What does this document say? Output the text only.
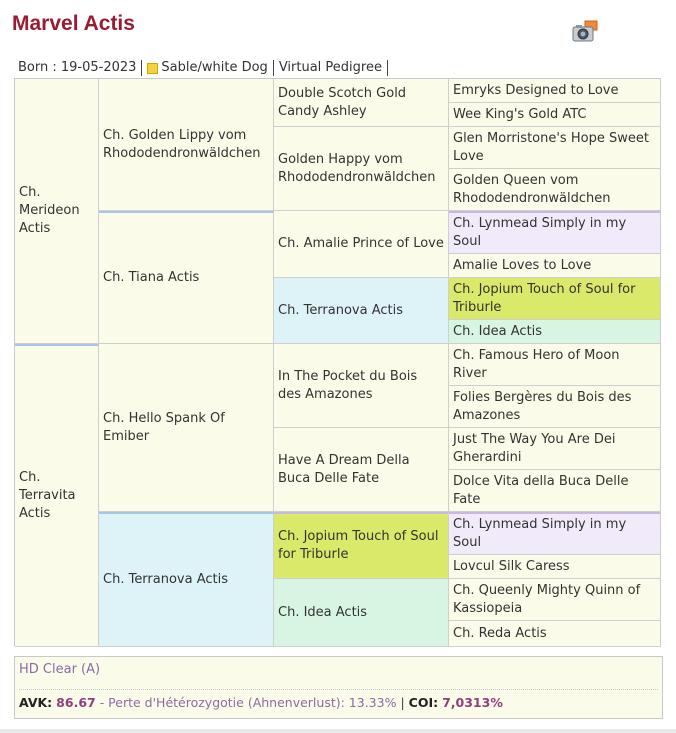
Marvel Actis
Born : 19-05-2023	Sable/white Dog Virtual Pedigree
Ch. Merideon Actis
Ch. Terravita Actis
Ch. Golden Lippy vom Rhododendronwäldchen
Ch. Tiana Actis
Ch. Hello Spank Of Emiber
Ch. Terranova Actis
Double Scotch Gold Candy Ashley
Golden Happy vom Rhododendronwäldchen
Ch. Amalie Prince of Love
Ch. Terranova Actis
In The Pocket du Bois des Amazones
Have A Dream Della Buca Delle Fate
Ch. Jopium Touch of Soul for Triburle
Ch. Idea Actis
Emryks Designed to Love
Wee King's Gold ATC
Glen Morristone's Hope Sweet Love
Golden Queen vom Rhododendronwäldchen
Ch. Lynmead Simply in my Soul
Amalie Loves to Love
Ch. Jopium Touch of Soul for Triburle
Ch. Idea Actis
Ch. Famous Hero of Moon River
Folies Bergères du Bois des Amazones
Just The Way You Are Dei Gherardini
Dolce Vita della Buca Delle Fate
Ch. Lynmead Simply in my Soul
Lovcul Silk Caress
Ch. Queenly Mighty Quinn of Kassiopeia
Ch. Reda Actis
HD Clear (A)
AVK: 86.67 - Perte d'Hétérozygotie (Ahnenverlust): 13.33% | COI: 7,0313%
